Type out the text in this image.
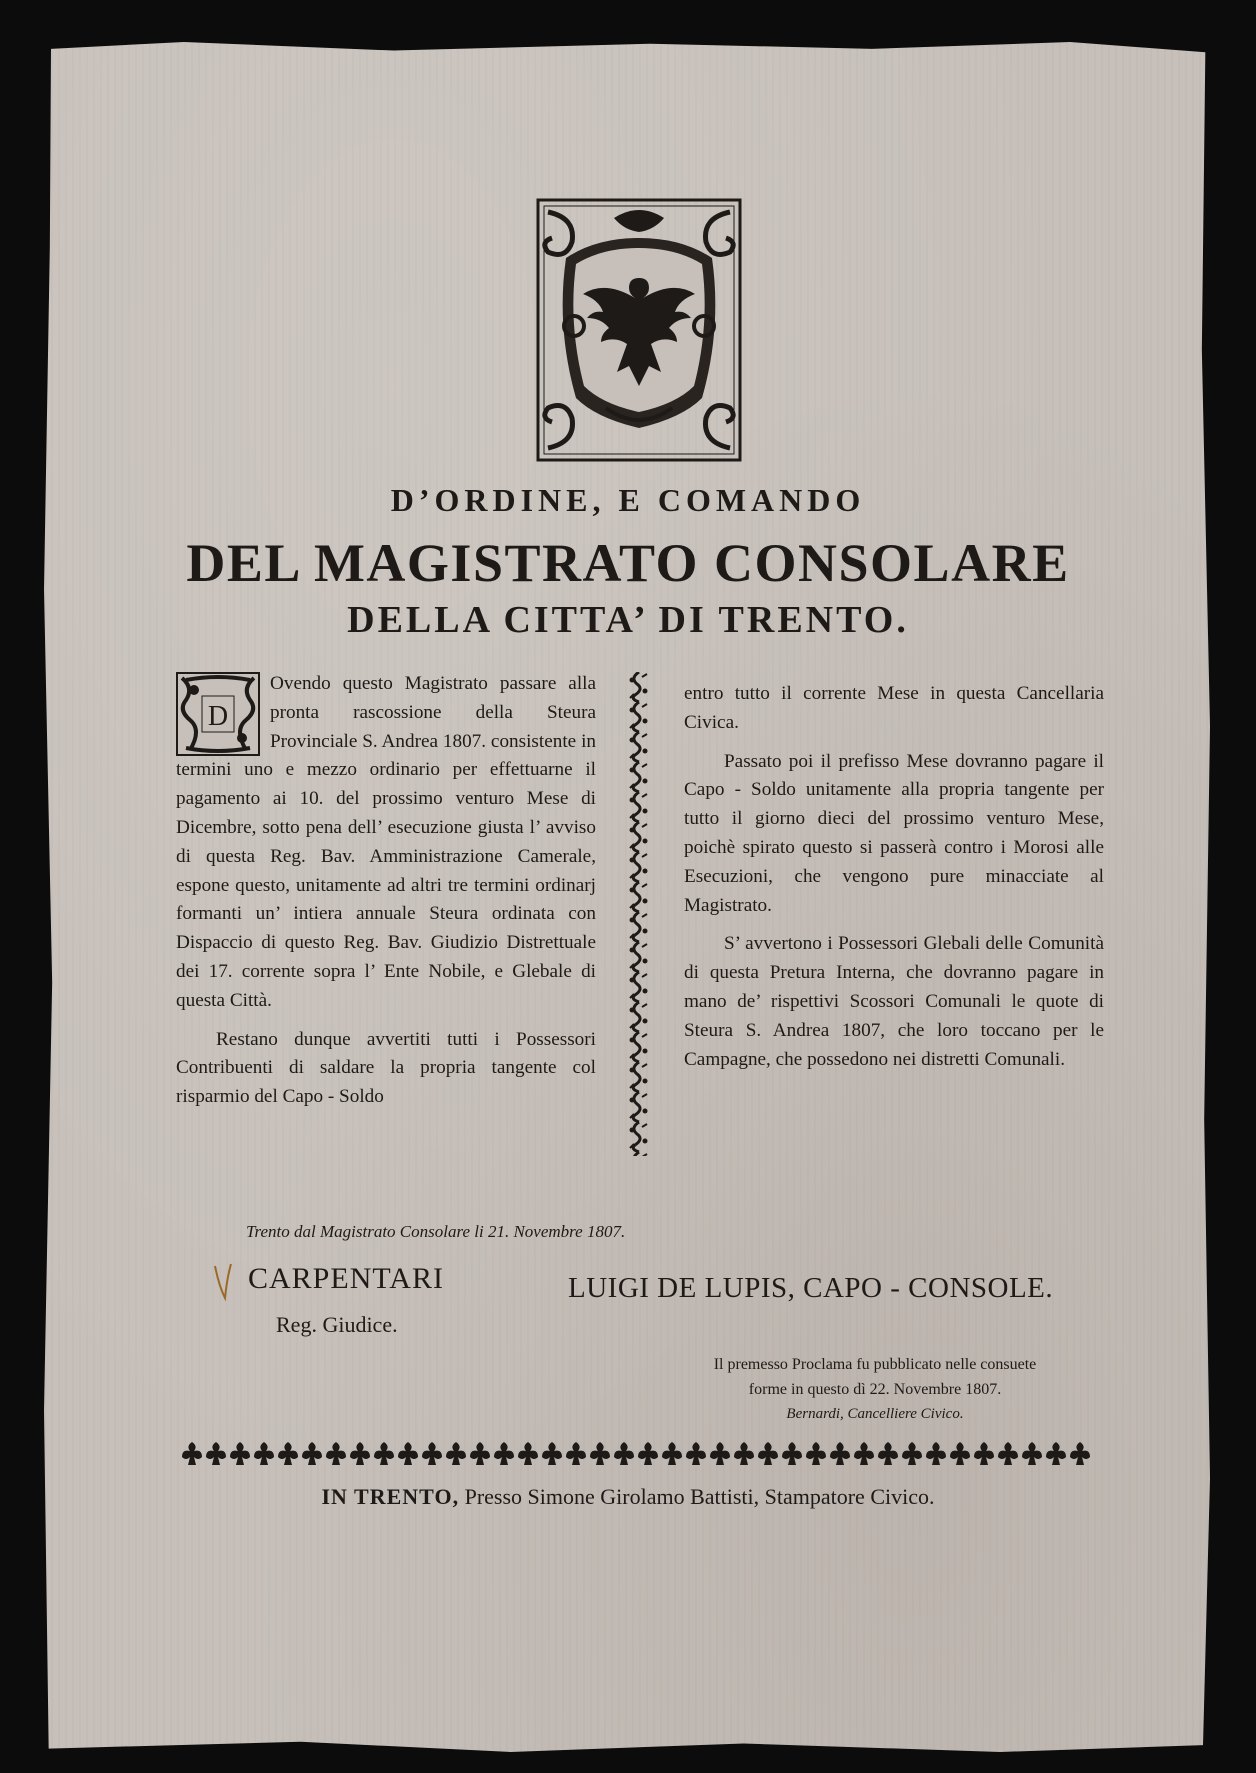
D’ORDINE, E COMANDO
DEL MAGISTRATO CONSOLARE
DELLA CITTA’ DI TRENTO.
D

Ovendo questo Magistrato passare alla pronta rascossione della Steura Provinciale S. Andrea 1807. consistente in termini uno e mezzo ordinario per effettuarne il pagamento ai 10. del prossimo venturo Mese di Dicembre, sotto pena dell’ esecuzione giusta l’ avviso di questa Reg. Bav. Amministrazione Camerale, espone questo, unitamente ad altri tre termini ordinarj formanti un’ intiera annuale Steura ordinata con Dispaccio di questo Reg. Bav. Giudizio Distrettuale dei 17. corrente sopra l’ Ente Nobile, e Glebale di questa Città.

Restano dunque avvertiti tutti i Possessori Contribuenti di saldare la propria tangente col risparmio del Capo - Soldo

entro tutto il corrente Mese in questa Cancellaria Civica.

Passato poi il prefisso Mese dovranno pagare il Capo - Soldo unitamente alla propria tangente per tutto il giorno dieci del prossimo venturo Mese, poichè spirato questo si passerà contro i Morosi alle Esecuzioni, che vengono pure minacciate al Magistrato.

S’ avvertono i Possessori Glebali delle Comunità di questa Pretura Interna, che dovranno pagare in mano de’ rispettivi Scossori Comunali le quote di Steura S. Andrea 1807, che loro toccano per le Campagne, che possedono nei distretti Comunali.

Trento dal Magistrato Consolare li 21. Novembre 1807.
CARPENTARI
Reg. Giudice.
LUIGI DE LUPIS, CAPO - CONSOLE.
Il premesso Proclama fu pubblicato nelle consuete
forme in questo dì 22. Novembre 1807.
Bernardi, Cancelliere Civico.
IN TRENTO, Presso Simone Girolamo Battisti, Stampatore Civico.
